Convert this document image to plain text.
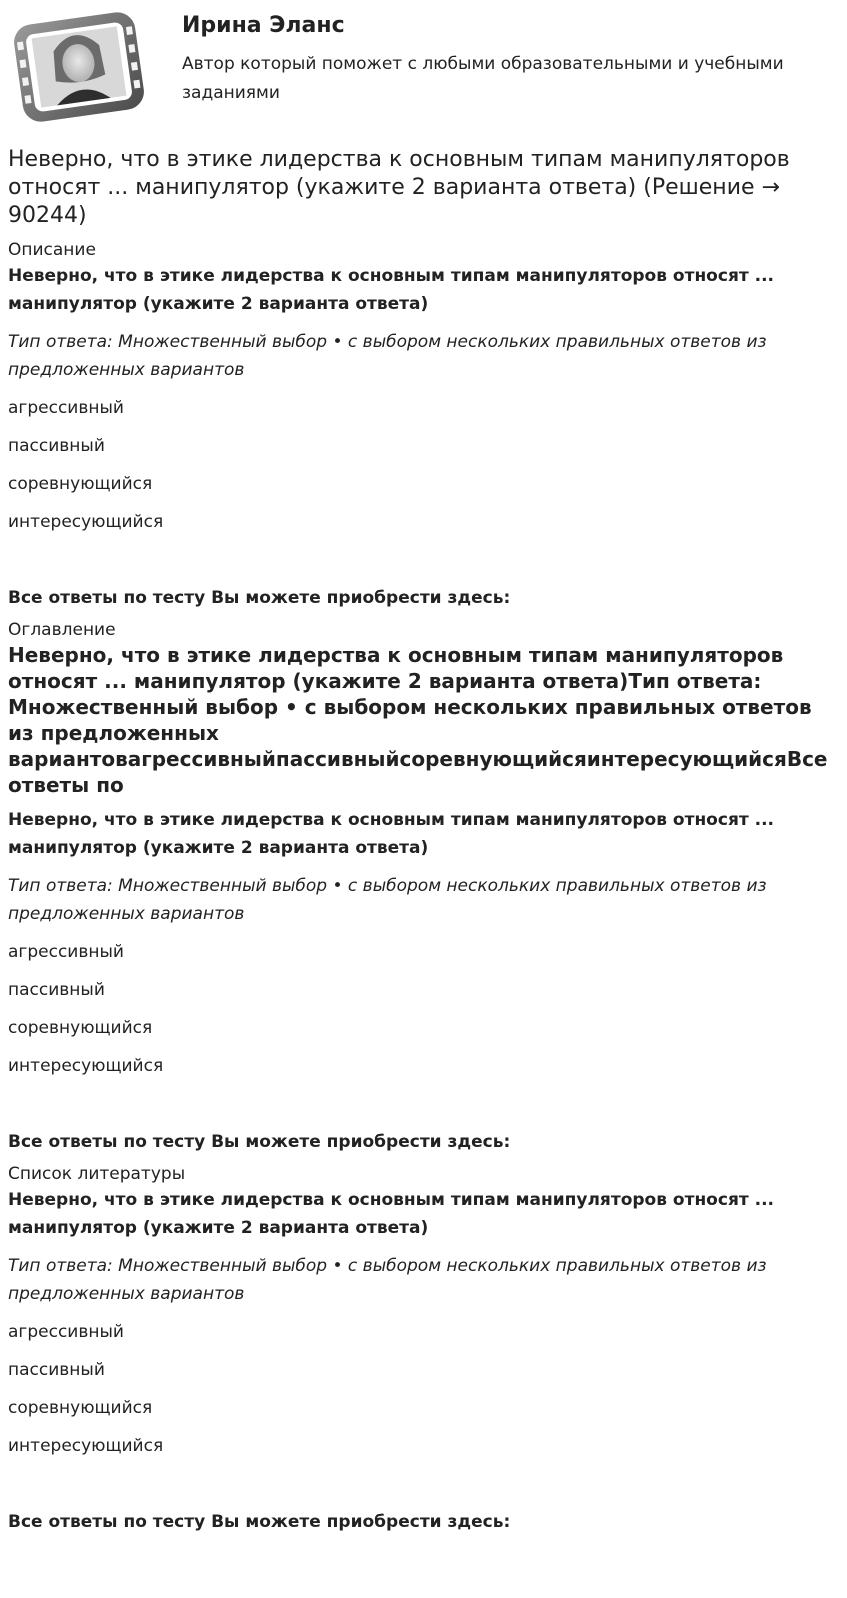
Ирина Эланс

Автор который поможет с любыми образовательными и учебными заданиями

Неверно, что в этике лидерства к основным типам манипуляторов относят ... манипулятор (укажите 2 варианта ответа) (Решение → 90244)

Описание

Неверно, что в этике лидерства к основным типам манипуляторов относят ... манипулятор (укажите 2 варианта ответа)

Тип ответа: Множественный выбор • с выбором нескольких правильных ответов из предложенных вариантов

агрессивный

пассивный

соревнующийся

интересующийся

Все ответы по тесту Вы можете приобрести здесь:

Оглавление

Неверно, что в этике лидерства к основным типам манипуляторов относят ... манипулятор (укажите 2 варианта ответа)Тип ответа: Множественный выбор • с выбором нескольких правильных ответов из предложенных вариантовагрессивныйпассивныйсоревнующийсяинтересующийсяВсе ответы по

Неверно, что в этике лидерства к основным типам манипуляторов относят ... манипулятор (укажите 2 варианта ответа)

Тип ответа: Множественный выбор • с выбором нескольких правильных ответов из предложенных вариантов

агрессивный

пассивный

соревнующийся

интересующийся

Все ответы по тесту Вы можете приобрести здесь:

Список литературы

Неверно, что в этике лидерства к основным типам манипуляторов относят ... манипулятор (укажите 2 варианта ответа)

Тип ответа: Множественный выбор • с выбором нескольких правильных ответов из предложенных вариантов

агрессивный

пассивный

соревнующийся

интересующийся

Все ответы по тесту Вы можете приобрести здесь:
